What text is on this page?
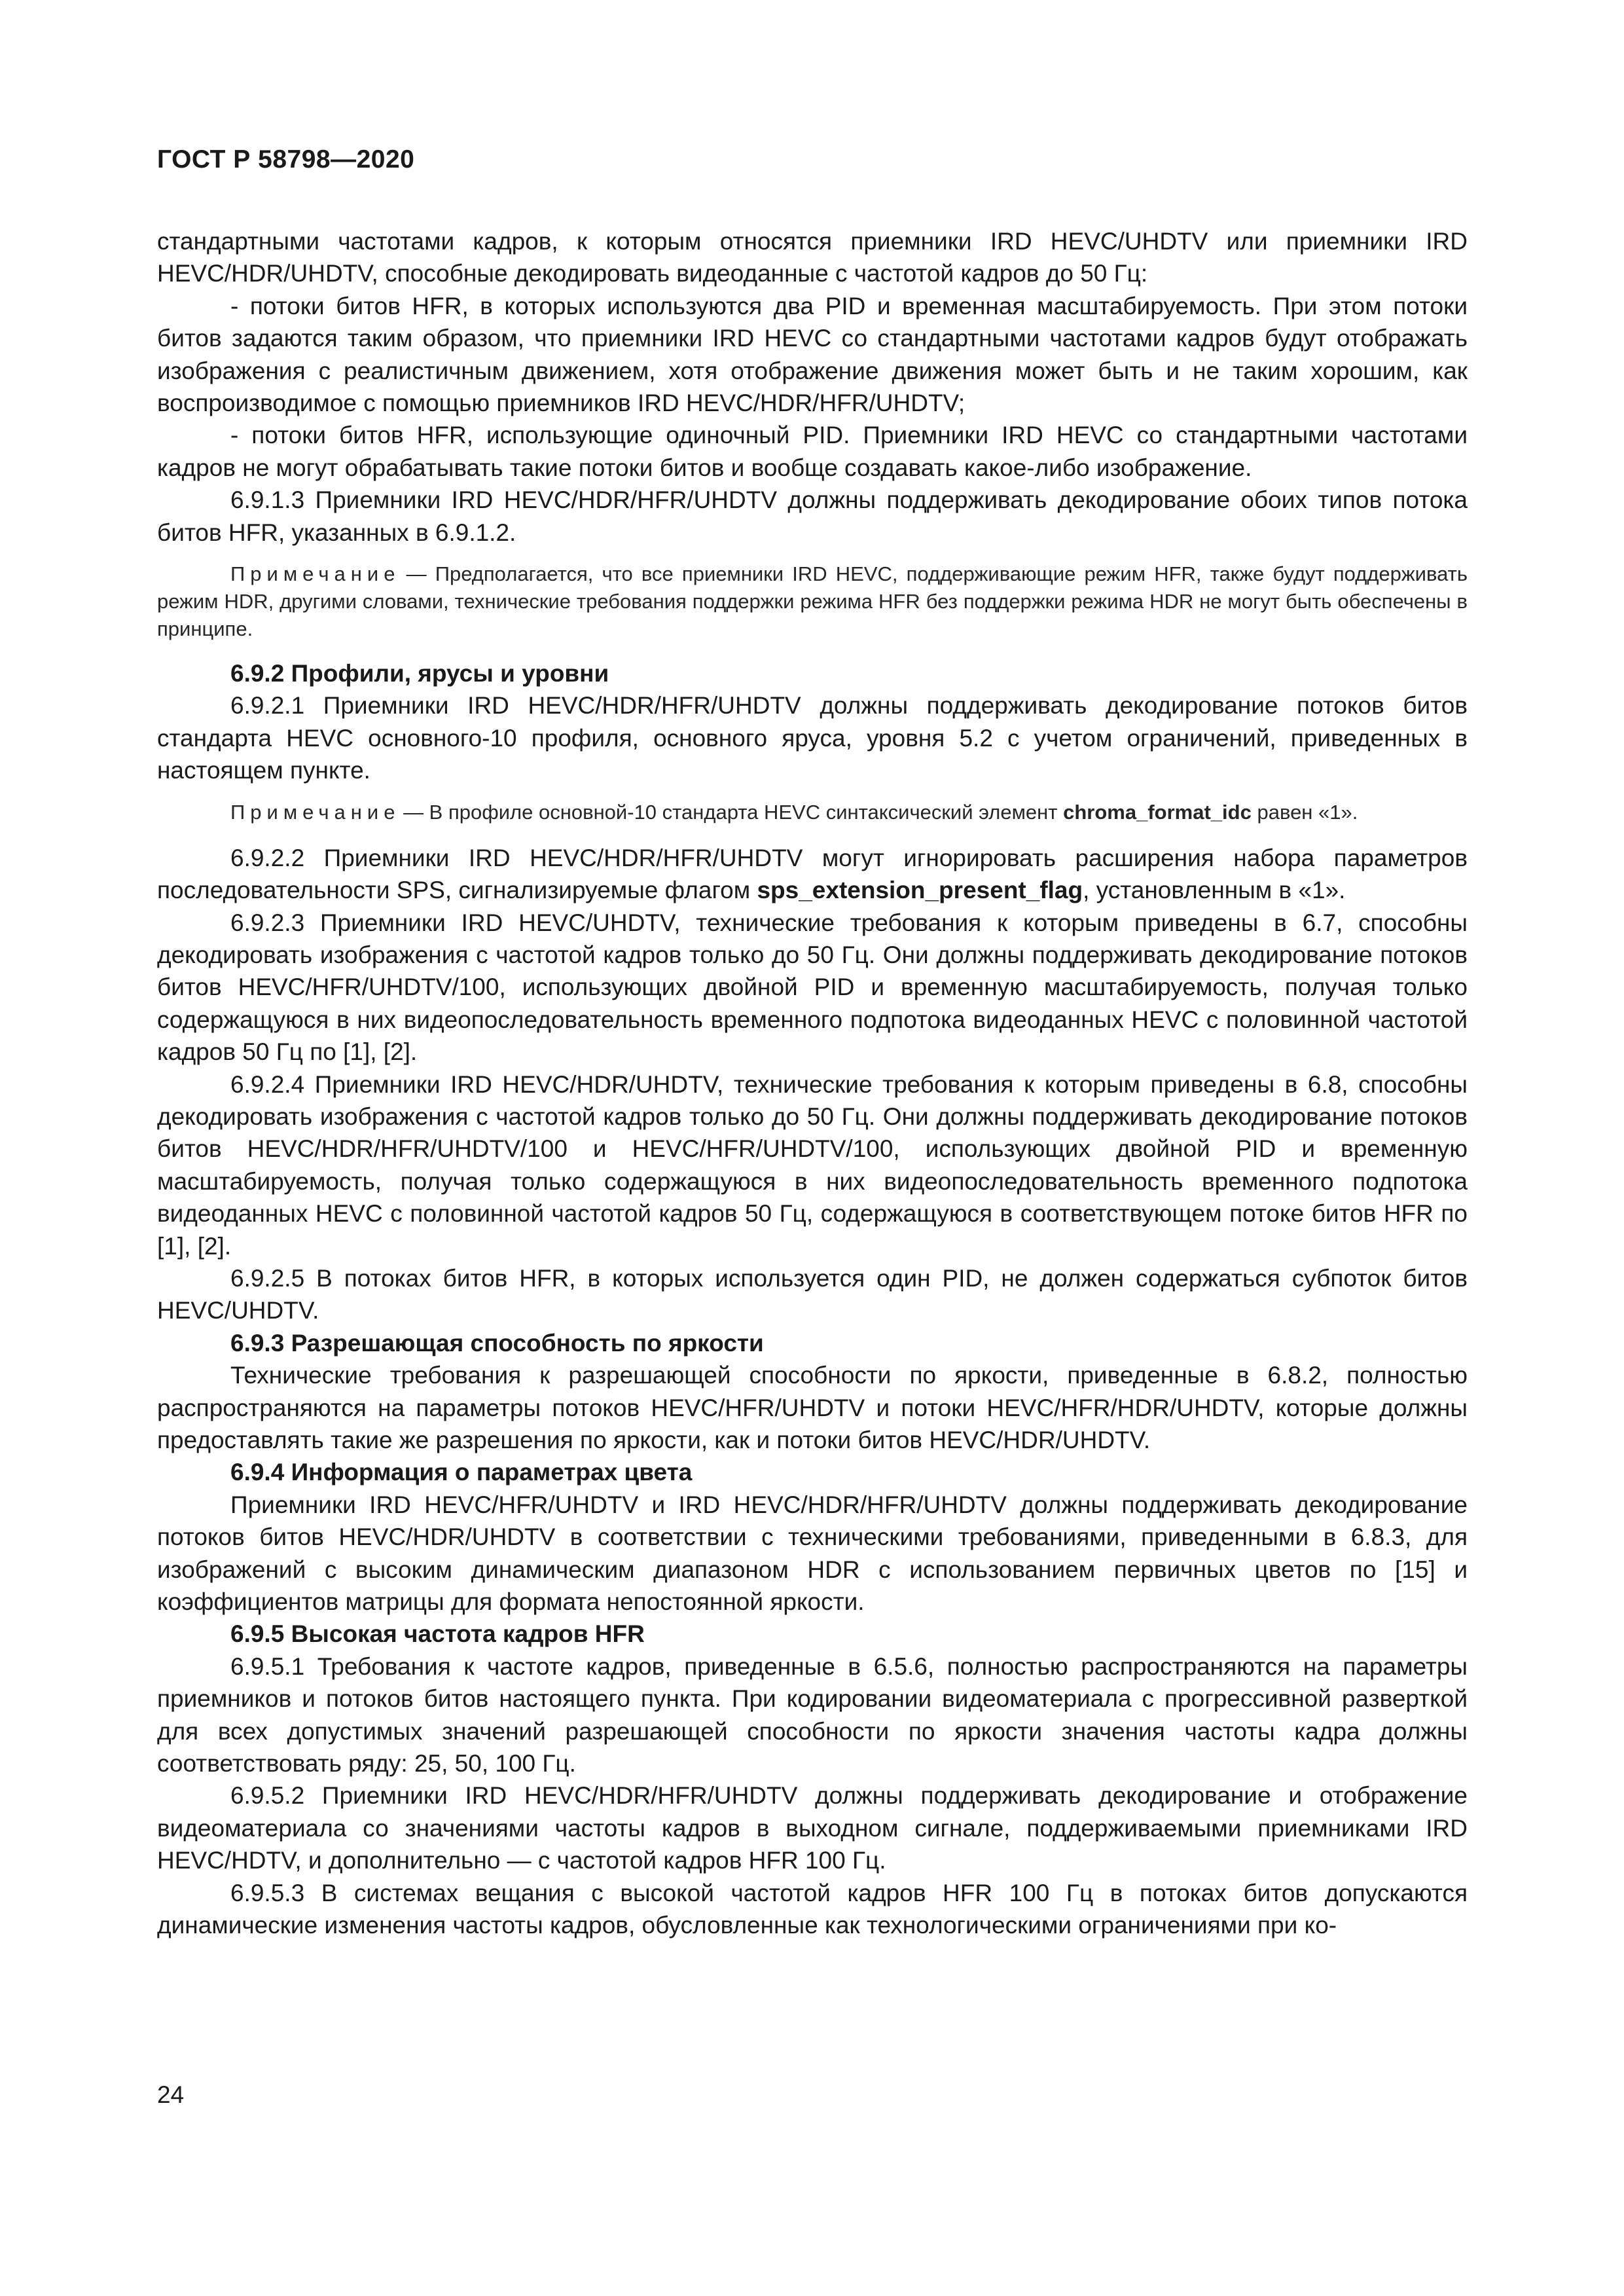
ГОСТ Р 58798—2020

стандартными частотами кадров, к которым относятся приемники IRD HEVC/UHDTV или приемники IRD HEVC/HDR/UHDTV, способные декодировать видеоданные с частотой кадров до 50 Гц:

- потоки битов HFR, в которых используются два PID и временная масштабируемость. При этом потоки битов задаются таким образом, что приемники IRD HEVC со стандартными частотами кадров будут отображать изображения с реалистичным движением, хотя отображение движения может быть и не таким хорошим, как воспроизводимое с помощью приемников IRD HEVC/HDR/HFR/UHDTV;

- потоки битов HFR, использующие одиночный PID. Приемники IRD HEVC со стандартными частотами кадров не могут обрабатывать такие потоки битов и вообще создавать какое-либо изображение.

6.9.1.3 Приемники IRD HEVC/HDR/HFR/UHDTV должны поддерживать декодирование обоих типов потока битов HFR, указанных в 6.9.1.2.

Примечание — Предполагается, что все приемники IRD HEVC, поддерживающие режим HFR, также будут поддерживать режим HDR, другими словами, технические требования поддержки режима HFR без поддержки режима HDR не могут быть обеспечены в принципе.

6.9.2 Профили, ярусы и уровни

6.9.2.1 Приемники IRD HEVC/HDR/HFR/UHDTV должны поддерживать декодирование потоков битов стандарта HEVC основного-10 профиля, основного яруса, уровня 5.2 с учетом ограничений, приведенных в настоящем пункте.

Примечание — В профиле основной-10 стандарта HEVC синтаксический элемент chroma_format_idc равен «1».

6.9.2.2 Приемники IRD HEVC/HDR/HFR/UHDTV могут игнорировать расширения набора параметров последовательности SPS, сигнализируемые флагом sps_extension_present_flag, установленным в «1».

6.9.2.3 Приемники IRD HEVC/UHDTV, технические требования к которым приведены в 6.7, способны декодировать изображения с частотой кадров только до 50 Гц. Они должны поддерживать декодирование потоков битов HEVC/HFR/UHDTV/100, использующих двойной PID и временную масштабируемость, получая только содержащуюся в них видеопоследовательность временного подпотока видеоданных HEVC с половинной частотой кадров 50 Гц по [1], [2].

6.9.2.4 Приемники IRD HEVC/HDR/UHDTV, технические требования к которым приведены в 6.8, способны декодировать изображения с частотой кадров только до 50 Гц. Они должны поддерживать декодирование потоков битов HEVC/HDR/HFR/UHDTV/100 и HEVC/HFR/UHDTV/100, использующих двойной PID и временную масштабируемость, получая только содержащуюся в них видеопоследовательность временного подпотока видеоданных HEVC с половинной частотой кадров 50 Гц, содержащуюся в соответствующем потоке битов HFR по [1], [2].

6.9.2.5 В потоках битов HFR, в которых используется один PID, не должен содержаться субпоток битов HEVC/UHDTV.

6.9.3 Разрешающая способность по яркости

Технические требования к разрешающей способности по яркости, приведенные в 6.8.2, полностью распространяются на параметры потоков HEVC/HFR/UHDTV и потоки HEVC/HFR/HDR/UHDTV, которые должны предоставлять такие же разрешения по яркости, как и потоки битов HEVC/HDR/UHDTV.

6.9.4 Информация о параметрах цвета

Приемники IRD HEVC/HFR/UHDTV и IRD HEVC/HDR/HFR/UHDTV должны поддерживать декодирование потоков битов HEVC/HDR/UHDTV в соответствии с техническими требованиями, приведенными в 6.8.3, для изображений с высоким динамическим диапазоном HDR с использованием первичных цветов по [15] и коэффициентов матрицы для формата непостоянной яркости.

6.9.5 Высокая частота кадров HFR

6.9.5.1 Требования к частоте кадров, приведенные в 6.5.6, полностью распространяются на параметры приемников и потоков битов настоящего пункта. При кодировании видеоматериала с прогрессивной разверткой для всех допустимых значений разрешающей способности по яркости значения частоты кадра должны соответствовать ряду: 25, 50, 100 Гц.

6.9.5.2 Приемники IRD HEVC/HDR/HFR/UHDTV должны поддерживать декодирование и отображение видеоматериала со значениями частоты кадров в выходном сигнале, поддерживаемыми приемниками IRD HEVC/HDTV, и дополнительно — с частотой кадров HFR 100 Гц.

6.9.5.3 В системах вещания с высокой частотой кадров HFR 100 Гц в потоках битов допускаются динамические изменения частоты кадров, обусловленные как технологическими ограничениями при ко-

24
